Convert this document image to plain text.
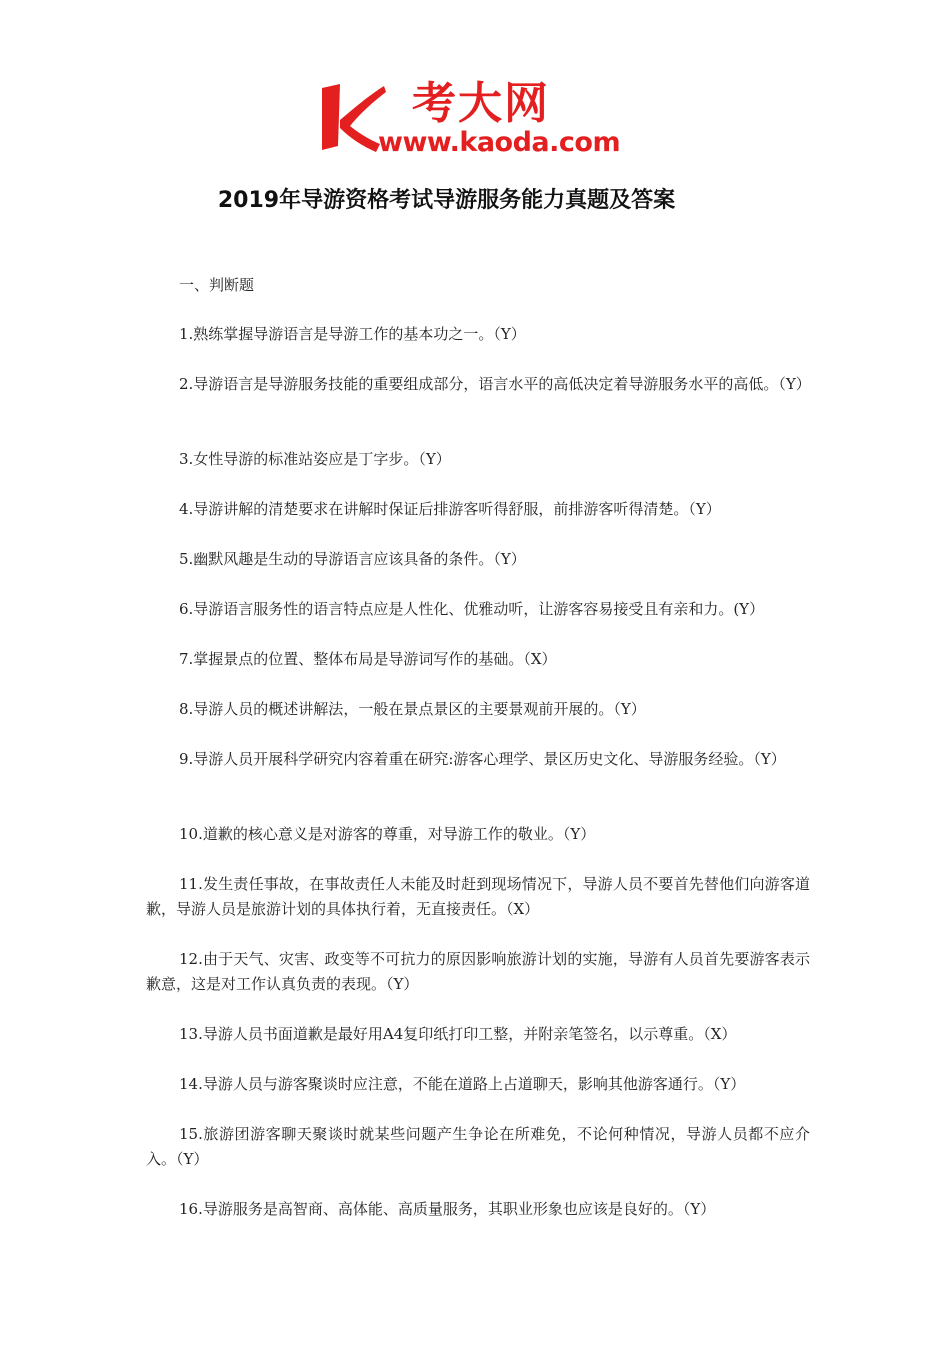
考大网
www.kaoda.com
2019年导游资格考试导游服务能力真题及答案
一、判断题
1.熟练掌握导游语言是导游工作的基本功之一。（Y）
2.导游语言是导游服务技能的重要组成部分，语言水平的高低决定着导游服务水平的高低。（Y）
3.女性导游的标准站姿应是丁字步。（Y）
4.导游讲解的清楚要求在讲解时保证后排游客听得舒服，前排游客听得清楚。（Y）
5.幽默风趣是生动的导游语言应该具备的条件。（Y）
6.导游语言服务性的语言特点应是人性化、优雅动听，让游客容易接受且有亲和力。(Y）
7.掌握景点的位置、整体布局是导游词写作的基础。（X）
8.导游人员的概述讲解法，一般在景点景区的主要景观前开展的。（Y）
9.导游人员开展科学研究内容着重在研究:游客心理学、景区历史文化、导游服务经验。（Y）
10.道歉的核心意义是对游客的尊重，对导游工作的敬业。（Y）
11.发生责任事故，在事故责任人未能及时赶到现场情况下，导游人员不要首先替他们向游客道歉，导游人员是旅游计划的具体执行着，无直接责任。（X）
12.由于天气、灾害、政变等不可抗力的原因影响旅游计划的实施，导游有人员首先要游客表示歉意，这是对工作认真负责的表现。（Y）
13.导游人员书面道歉是最好用A4复印纸打印工整，并附亲笔签名，以示尊重。（X）
14.导游人员与游客聚谈时应注意，不能在道路上占道聊天，影响其他游客通行。（Y）
15.旅游团游客聊天聚谈时就某些问题产生争论在所难免，不论何种情况，导游人员都不应介入。（Y）
16.导游服务是高智商、高体能、高质量服务，其职业形象也应该是良好的。（Y）
